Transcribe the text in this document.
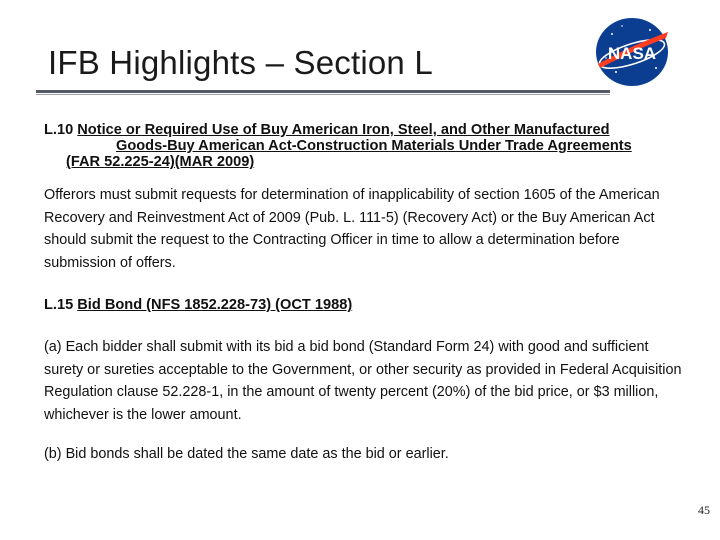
IFB Highlights – Section L	NASA
L.10 Notice or Required Use of Buy American Iron, Steel, and Other Manufactured
Goods-Buy American Act-Construction Materials Under Trade Agreements
(FAR 52.225-24)(MAR 2009)
Offerors must submit requests for determination of inapplicability of section 1605 of the American Recovery and Reinvestment Act of 2009 (Pub. L. 111-5) (Recovery Act) or the Buy American Act should submit the request to the Contracting Officer in time to allow a determination before submission of offers.
L.15 Bid Bond (NFS 1852.228-73) (OCT 1988)
(a) Each bidder shall submit with its bid a bid bond (Standard Form 24) with good and sufficient surety or sureties acceptable to the Government, or other security as provided in Federal Acquisition Regulation clause 52.228-1, in the amount of twenty percent (20%) of the bid price, or $3 million, whichever is the lower amount.
(b) Bid bonds shall be dated the same date as the bid or earlier.
45
